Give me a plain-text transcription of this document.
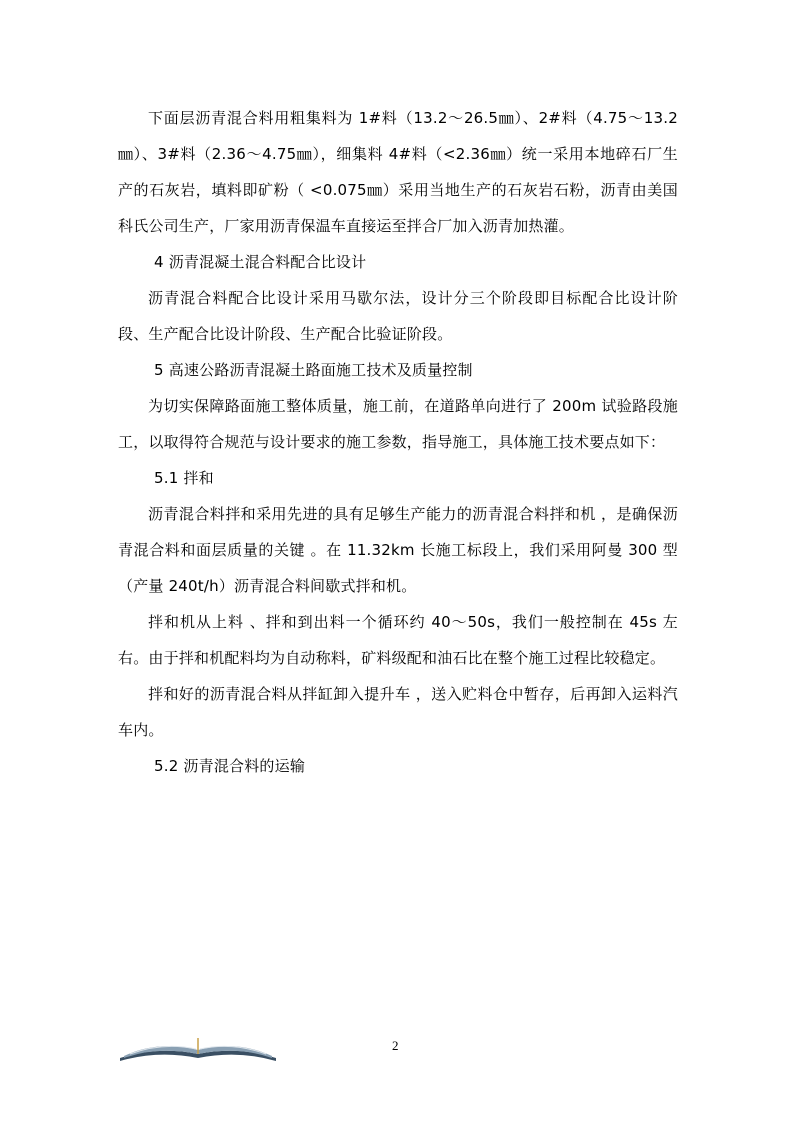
下面层沥青混合料用粗集料为 1#料（13.2～26.5㎜）、2#料（4.75～13.2㎜）、3#料（2.36～4.75㎜），细集料 4#料（<2.36㎜）统一采用本地碎石厂生产的石灰岩，填料即矿粉（ <0.075㎜）采用当地生产的石灰岩石粉，沥青由美国科氏公司生产，厂家用沥青保温车直接运至拌合厂加入沥青加热灌。

4 沥青混凝土混合料配合比设计

沥青混合料配合比设计采用马歇尔法，设计分三个阶段即目标配合比设计阶段、生产配合比设计阶段、生产配合比验证阶段。

5 高速公路沥青混凝土路面施工技术及质量控制

为切实保障路面施工整体质量，施工前，在道路单向进行了 200m 试验路段施工，以取得符合规范与设计要求的施工参数，指导施工，具体施工技术要点如下：

5.1 拌和

沥青混合料拌和采用先进的具有足够生产能力的沥青混合料拌和机 ，是确保沥青混合料和面层质量的关键 。在 11.32km 长施工标段上，我们采用阿曼 300 型（产量 240t/h）沥青混合料间歇式拌和机。

拌和机从上料 、拌和到出料一个循环约 40～50s，我们一般控制在 45s 左右。由于拌和机配料均为自动称料，矿料级配和油石比在整个施工过程比较稳定。

拌和好的沥青混合料从拌缸卸入提升车 ，送入贮料仓中暂存，后再卸入运料汽车内。

5.2 沥青混合料的运输

2
